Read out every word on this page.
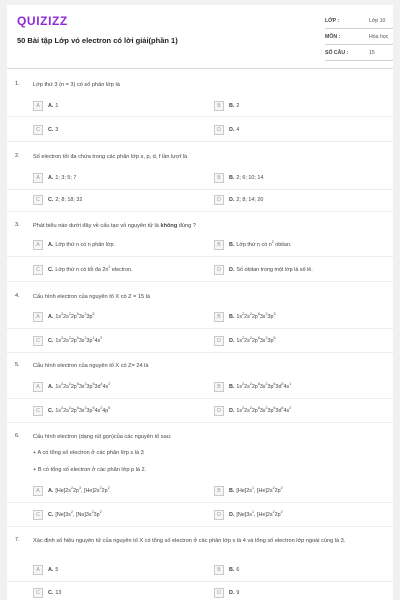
QUIZIZZ
50 Bài tập Lớp vỏ electron có lời giải(phần 1)
LỚP :	Lớp 10
MÔN :	Hóa học
SỐ CÂU :	15
1. Lớp thứ 3 (n = 3) có số phân lớp là
A	A. 1	B	B. 2
C	C. 3	D	D. 4
2. Số electron tối đa chứa trong các phân lớp s, p, d, f lần lượt là
A	A. 1; 3; 5; 7	B	B. 2; 6; 10; 14
C	C. 2; 8; 18; 32	D	D. 2; 8; 14; 20
3. Phát biểu nào dưới đây về cấu tạo vỏ nguyên tử là không đúng ?
A	A. Lớp thứ n có n phân lớp.	B	B. Lớp thứ n có $n^2$ obitan.
C	C. Lớp thứ n có tối đa $2n^2$ electron.	D	D. Số obitan trong một lớp là số lẻ.
4. Cấu hình electron của nguyên tố X có Z = 15 là
A	A. $1s^22s^22p^63s^23p^5$	B	B. $1s^22s^22p^63s^23p^3$
C	C. $1s^22s^22p^63s^23p^14s^2$	D	D. $1s^22s^22p^63s^23p^6$
5. Cấu hình electron của nguyên tố X có Z= 24 là
A	A. $1s^22s^22p^63s^23p^63d^44s^2$	B	B. $1s^22s^22p^63s^23p^63d^54s^1$
C	C. $1s^22s^22p^63s^23p^64s^24p^5$	D	D. $1s^22s^22p^63s^23p^63d^64s^2$
6. Cấu hình electron (dạng rút gọn)của các nguyên tố sau:
+ A có tổng số electron ở các phân lớp s là 3
+ B có tổng số electron ở các phân lớp p là 2.
A	A. $[He]2s^22p^3$, $[He]2s^22p^2$	B	B. $[He]2s^1$, $[He]2s^22p^2$
C	C. $[Ne]3s^2$, $[Ne]3s^23p^2$	D	D. $[Ne]3s^1$, $[He]2s^22p^2$
7. Xác định số hiệu nguyên tử của nguyên tố X có tổng số electron ở các phân lớp s là 4 và tổng số electron lớp ngoài cùng là 3.
A	A. 5	B	B. 6
C	C. 13	D	D. 9
